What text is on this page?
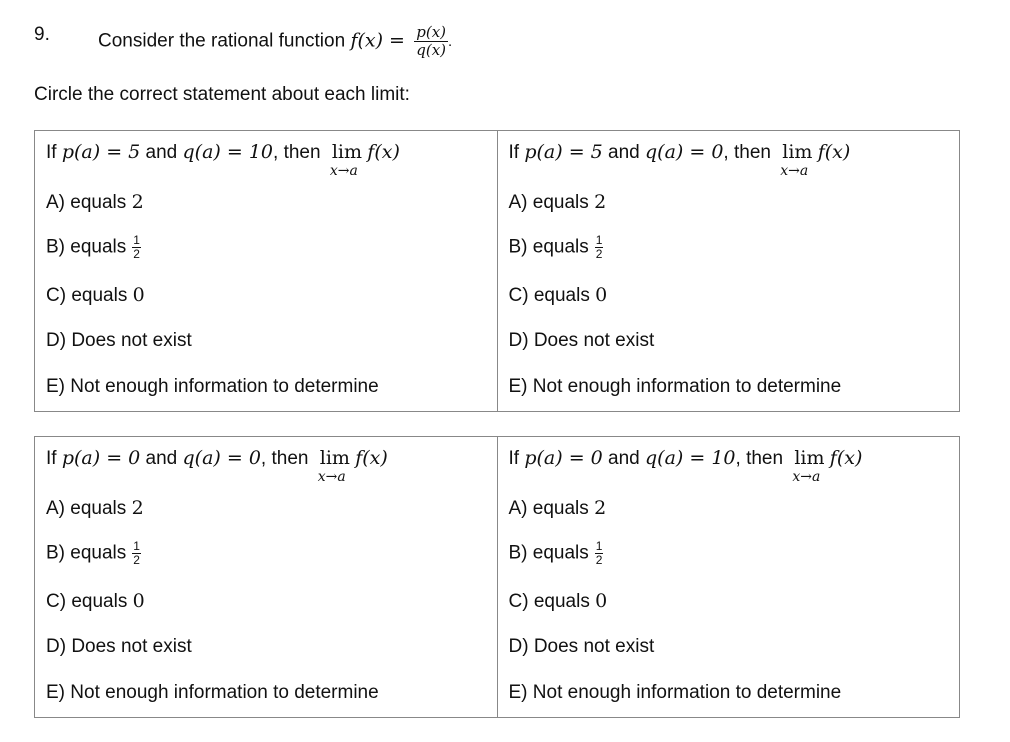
9.	Consider the rational function $f(x) = \frac{p(x)}{q(x)}$ .
Circle the correct statement about each limit:
If p(a) = 5 and q(a) = 10, then lim
x→a
f(x)
A) equals 2
B) equals $\frac{1}{2}$
C) equals 0
D) Does not exist
E) Not enough information to determine
If p(a) = 5 and q(a) = 0, then lim
x→a
f(x)
A) equals 2
B) equals $\frac{1}{2}$
C) equals 0
D) Does not exist
E) Not enough information to determine
If p(a) = 0 and q(a) = 0, then lim
x→a
f(x)
A) equals 2
B) equals $\frac{1}{2}$
C) equals 0
D) Does not exist
E) Not enough information to determine
If p(a) = 0 and q(a) = 10, then lim
x→a
f(x)
A) equals 2
B) equals $\frac{1}{2}$
C) equals 0
D) Does not exist
E) Not enough information to determine
